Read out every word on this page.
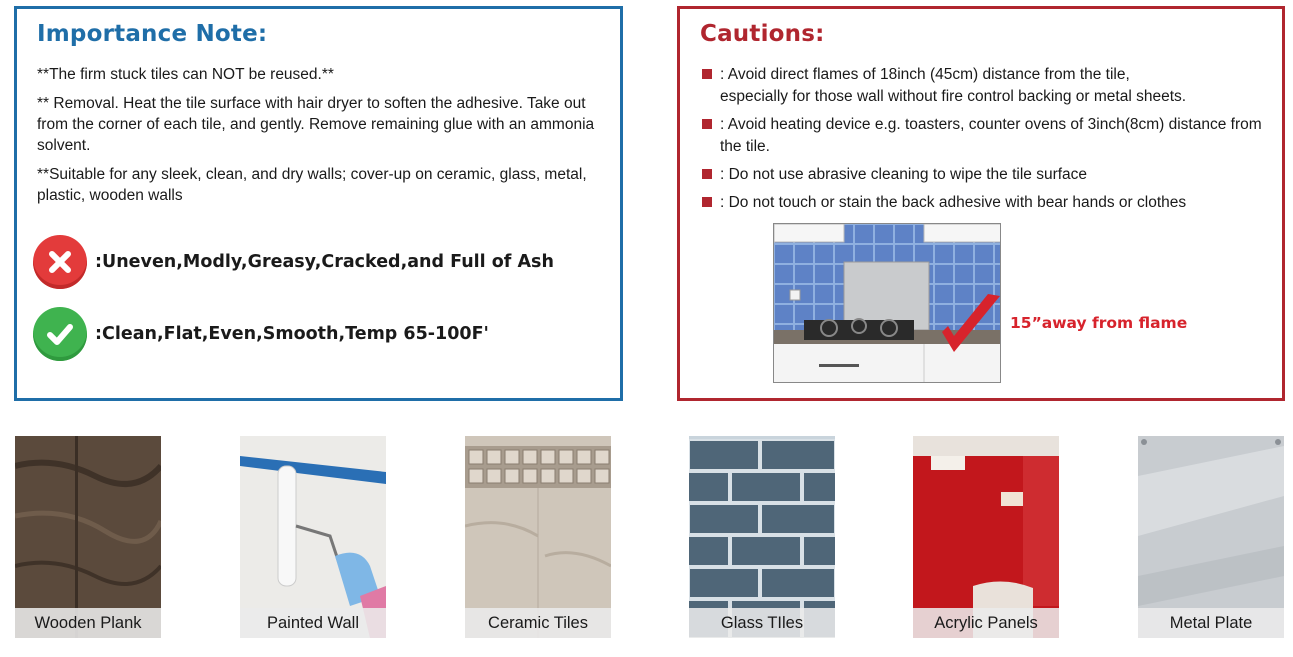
Importance Note:

**The firm stuck tiles can NOT be reused.**

** Removal. Heat the tile surface with hair dryer to soften the adhesive. Take out from the corner of each tile, and gently. Remove remaining glue with an ammonia solvent.

**Suitable for any sleek, clean, and dry walls; cover-up on ceramic, glass, metal, plastic, wooden walls

:Uneven,Modly,Greasy,Cracked,and Full of Ash
:Clean,Flat,Even,Smooth,Temp 65-100F'
Cautions:
: Avoid direct flames of 18inch (45cm) distance from the tile,
especially for those wall without fire control backing or metal sheets.
: Avoid heating device e.g. toasters, counter ovens of 3inch(8cm) distance from the tile.
: Do not use abrasive cleaning to wipe the tile surface
: Do not touch or stain the back adhesive with bear hands or clothes
15”away from flame
Wooden Plank	Painted Wall	Ceramic Tiles	Glass TIles	Acrylic Panels	Metal Plate
